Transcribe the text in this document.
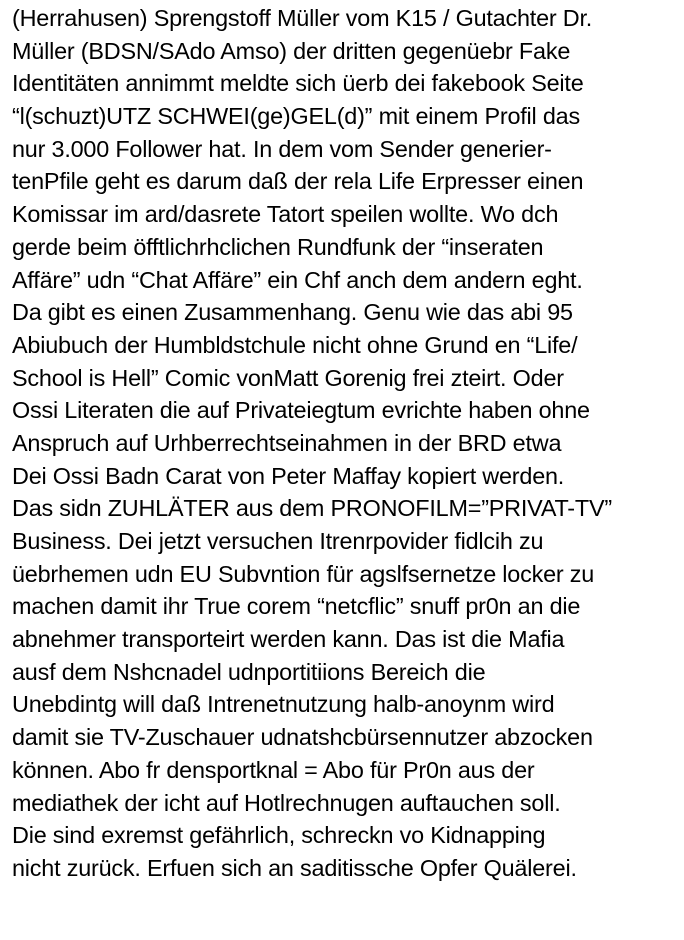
(Herrahusen) Sprengstoff Müller vom K15 / Gutachter Dr.
Müller (BDSN/SAdo Amso) der dritten gegenüebr Fake
Identitäten annimmt meldte sich üerb dei fakebook Seite
“l(schuzt)UTZ SCHWEI(ge)GEL(d)” mit einem Profil das
nur 3.000 Follower hat. In dem vom Sender generier-
tenPfile geht es darum daß der rela Life Erpresser einen
Komissar im ard/dasrete Tatort speilen wollte. Wo dch
gerde beim öfftlichrhclichen Rundfunk der “inseraten
Affäre” udn “Chat Affäre” ein Chf anch dem andern eght.
Da gibt es einen Zusammenhang. Genu wie das abi 95
Abiubuch der Humbldstchule nicht ohne Grund en “Life/
School is Hell” Comic vonMatt Gorenig frei zteirt. Oder
Ossi Literaten die auf Privateiegtum evrichte haben ohne
Anspruch auf Urhberrechtseinahmen in der BRD etwa
Dei Ossi Badn Carat von Peter Maffay kopiert werden.
Das sidn ZUHLÄTER aus dem PRONOFILM=”PRIVAT-TV”
Business. Dei jetzt versuchen Itrenrpovider fidlcih zu
üebrhemen udn EU Subvntion für agslfsernetze locker zu
machen damit ihr True corem “netcflic” snuff pr0n an die
abnehmer transporteirt werden kann. Das ist die Mafia
ausf dem Nshcnadel udnportitiions Bereich die
Unebdintg will daß Intrenetnutzung halb-anoynm wird
damit sie TV-Zuschauer udnatshcbürsennutzer abzocken
können. Abo fr densportknal = Abo für Pr0n aus der
mediathek der icht auf Hotlrechnugen auftauchen soll.
Die sind exremst gefährlich, schreckn vo Kidnapping
nicht zurück. Erfuen sich an saditissche Opfer Quälerei.
